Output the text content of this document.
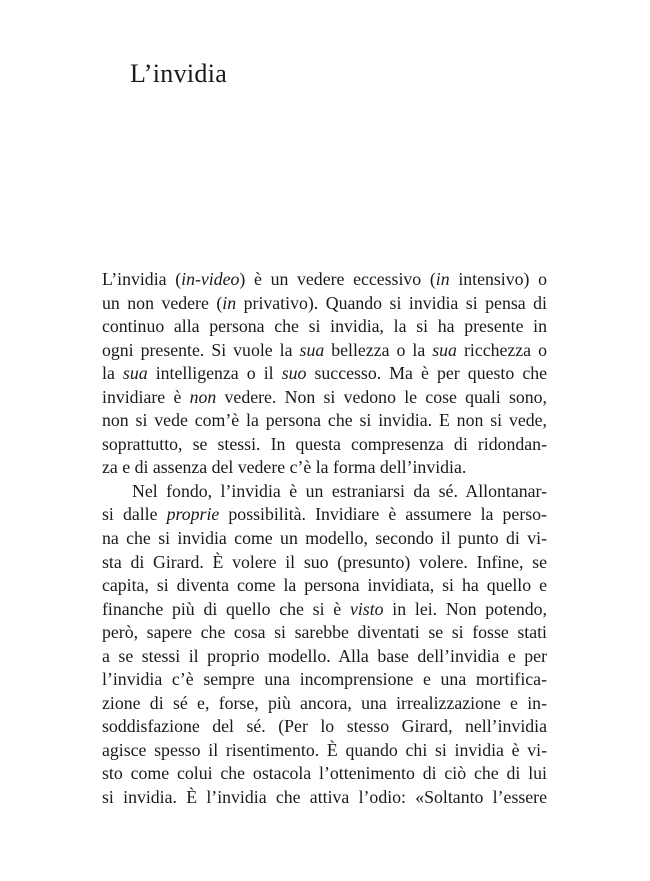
L’invidia
L’invidia (in-video) è un vedere eccessivo (in intensivo) o
un non vedere (in privativo). Quando si invidia si pensa di
continuo alla persona che si invidia, la si ha presente in
ogni presente. Si vuole la sua bellezza o la sua ricchezza o
la sua intelligenza o il suo successo. Ma è per questo che
invidiare è non vedere. Non si vedono le cose quali sono,
non si vede com’è la persona che si invidia. E non si vede,
soprattutto, se stessi. In questa compresenza di ridondan-
za e di assenza del vedere c’è la forma dell’invidia.
Nel fondo, l’invidia è un estraniarsi da sé. Allontanar-
si dalle proprie possibilità. Invidiare è assumere la perso-
na che si invidia come un modello, secondo il punto di vi-
sta di Girard. È volere il suo (presunto) volere. Infine, se
capita, si diventa come la persona invidiata, si ha quello e
finanche più di quello che si è visto in lei. Non potendo,
però, sapere che cosa si sarebbe diventati se si fosse stati
a se stessi il proprio modello. Alla base dell’invidia e per
l’invidia c’è sempre una incomprensione e una mortifica-
zione di sé e, forse, più ancora, una irrealizzazione e in-
soddisfazione del sé. (Per lo stesso Girard, nell’invidia
agisce spesso il risentimento. È quando chi si invidia è vi-
sto come colui che ostacola l’ottenimento di ciò che di lui
si invidia. È l’invidia che attiva l’odio: «Soltanto l’essere
